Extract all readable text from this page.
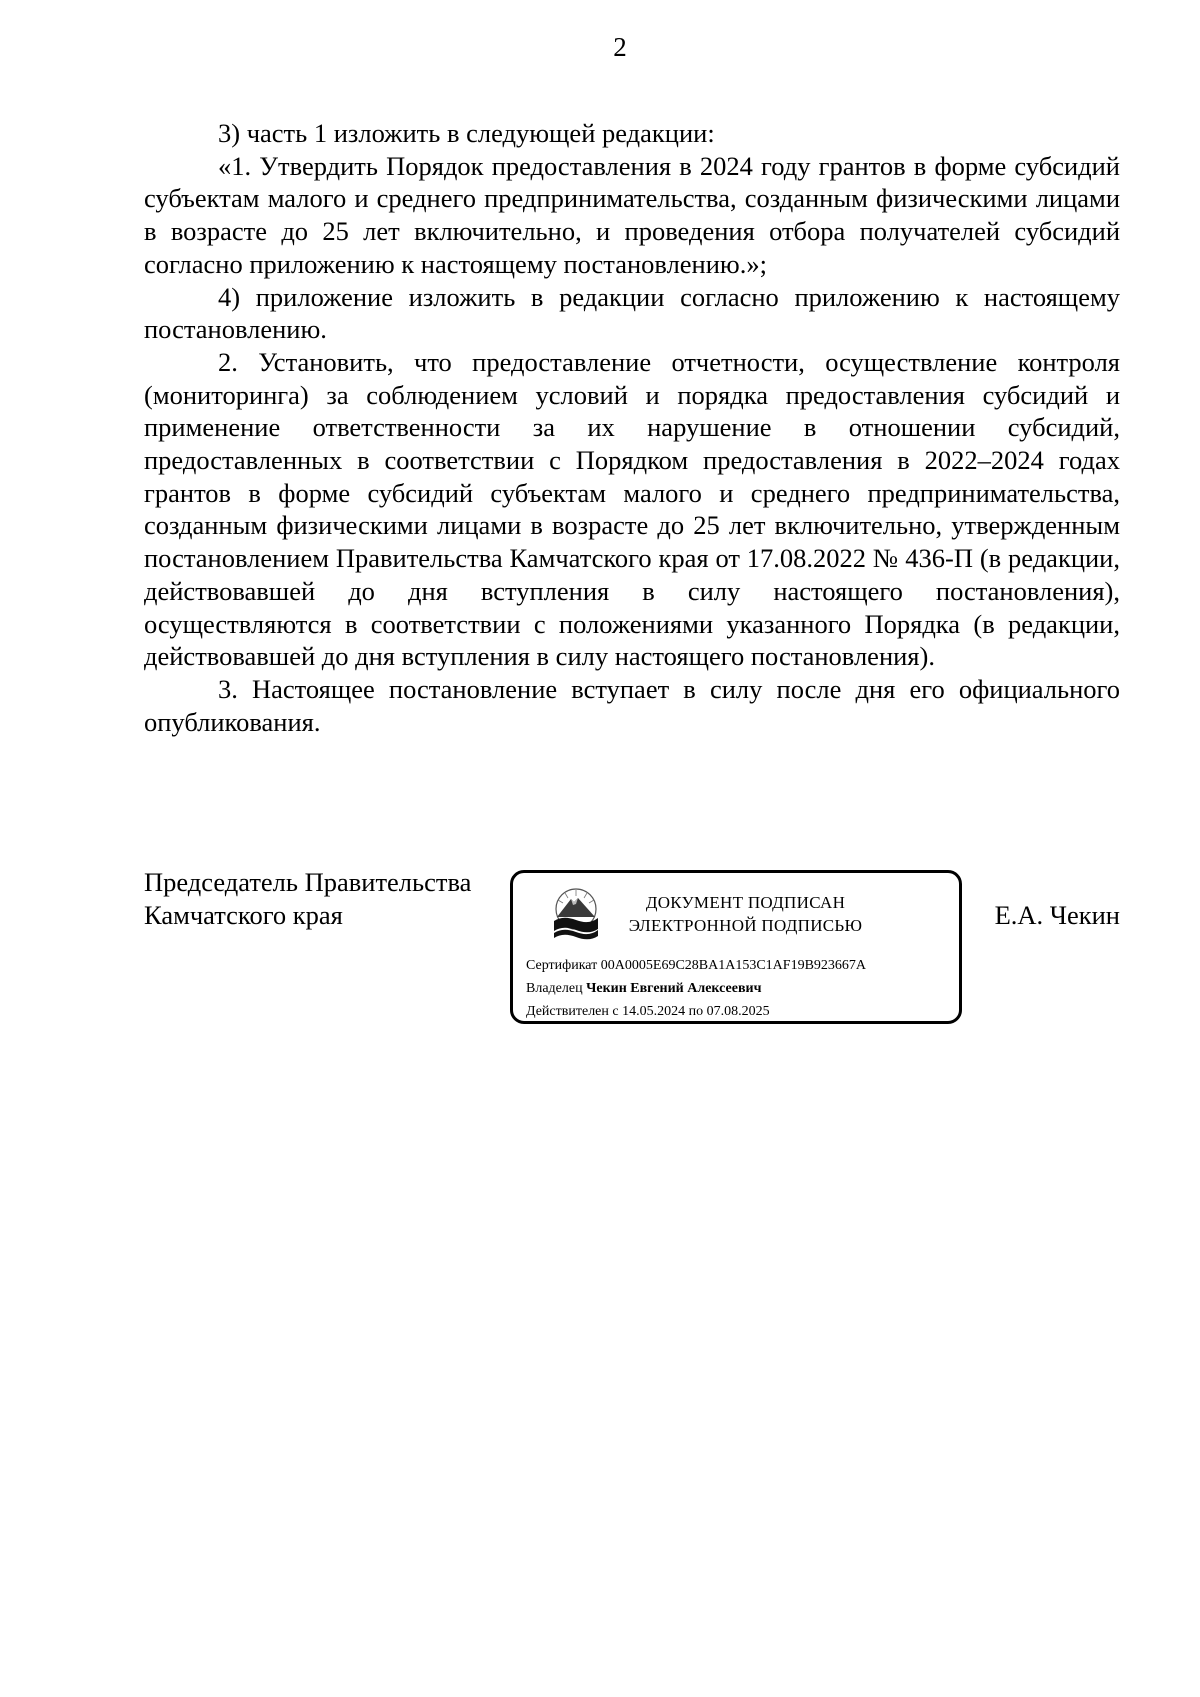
2

3) часть 1 изложить в следующей редакции:

«1. Утвердить Порядок предоставления в 2024 году грантов в форме субсидий субъектам малого и среднего предпринимательства, созданным физическими лицами в возрасте до 25 лет включительно, и проведения отбора получателей субсидий согласно приложению к настоящему постановлению.»;

4) приложение изложить в редакции согласно приложению к настоящему постановлению.

2. Установить, что предоставление отчетности, осуществление контроля (мониторинга) за соблюдением условий и порядка предоставления субсидий и применение ответственности за их нарушение в отношении субсидий, предоставленных в соответствии с Порядком предоставления в 2022–2024 годах грантов в форме субсидий субъектам малого и среднего предпринимательства, созданным физическими лицами в возрасте до 25 лет включительно, утвержденным постановлением Правительства Камчатского края от 17.08.2022 № 436-П (в редакции, действовавшей до дня вступления в силу настоящего постановления), осуществляются в соответствии с положениями указанного Порядка (в редакции, действовавшей до дня вступления в силу настоящего постановления).

3. Настоящее постановление вступает в силу после дня его официального опубликования.

Председатель Правительства
Камчатского края	ДОКУМЕНТ ПОДПИСАН
ЭЛЕКТРОННОЙ ПОДПИСЬЮ
Сертификат 00A0005E69C28BA1A153C1AF19B923667A
Владелец Чекин Евгений Алексеевич
Действителен с 14.05.2024 по 07.08.2025
Е.А. Чекин
